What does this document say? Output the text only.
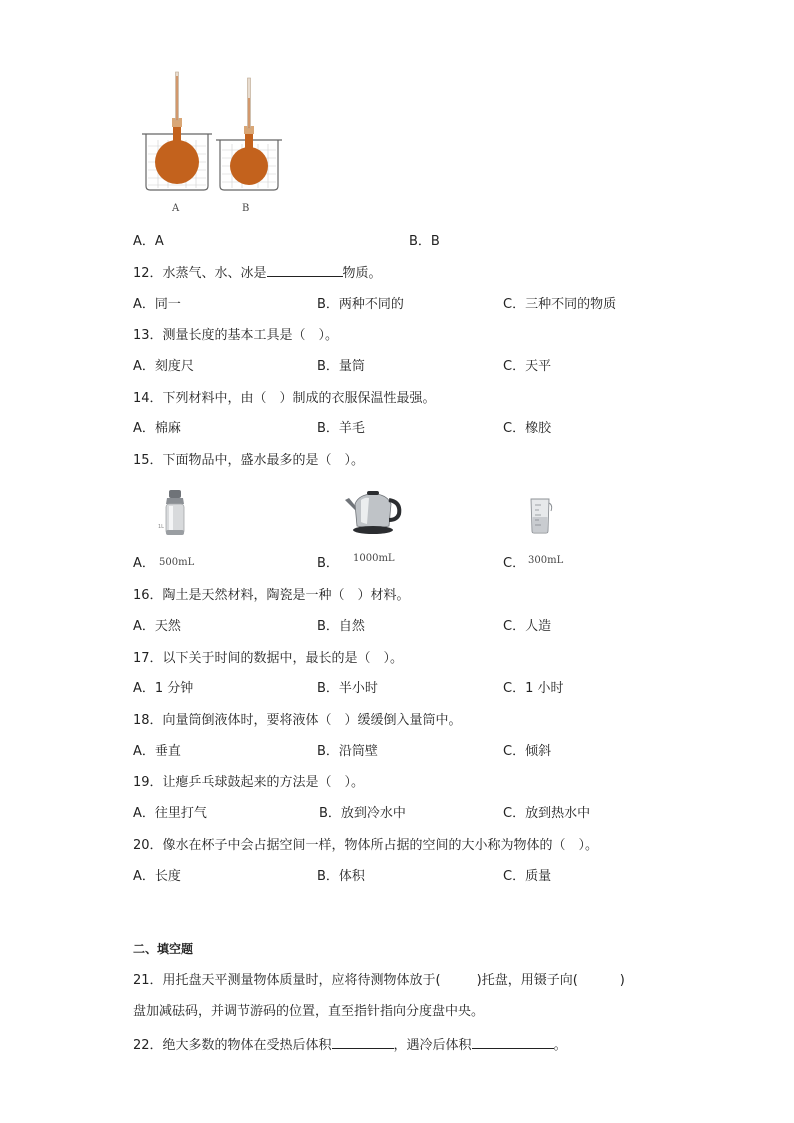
A	B
A．A	B．B
12．水蒸气、水、冰是	物质。
A．同一	B．两种不同的	C．三种不同的物质
13．测量长度的基本工具是（　）。
A．刻度尺	B．量筒	C．天平
14．下列材料中，由（　）制成的衣服保温性最强。
A．棉麻	B．羊毛	C．橡胶
15．下面物品中，盛水最多的是（　）。
1L
A． 500mL	B． 1000mL	C． 300mL
16．陶土是天然材料，陶瓷是一种（　）材料。
A．天然	B．自然	C．人造
17．以下关于时间的数据中，最长的是（　）。
A．1 分钟	B．半小时	C．1 小时
18．向量筒倒液体时，要将液体（　）缓缓倒入量筒中。
A．垂直	B．沿筒壁	C．倾斜
19．让瘪乒乓球鼓起来的方法是（　）。
A．往里打气	B．放到冷水中	C．放到热水中
20．像水在杯子中会占据空间一样，物体所占据的空间的大小称为物体的（　）。
A．长度	B．体积	C．质量
二、填空题
21．用托盘天平测量物体质量时，应将待测物体放于(	)托盘，用镊子向(	)
盘加减砝码，并调节游码的位置，直至指针指向分度盘中央。
22．绝大多数的物体在受热后体积	，遇冷后体积	。
